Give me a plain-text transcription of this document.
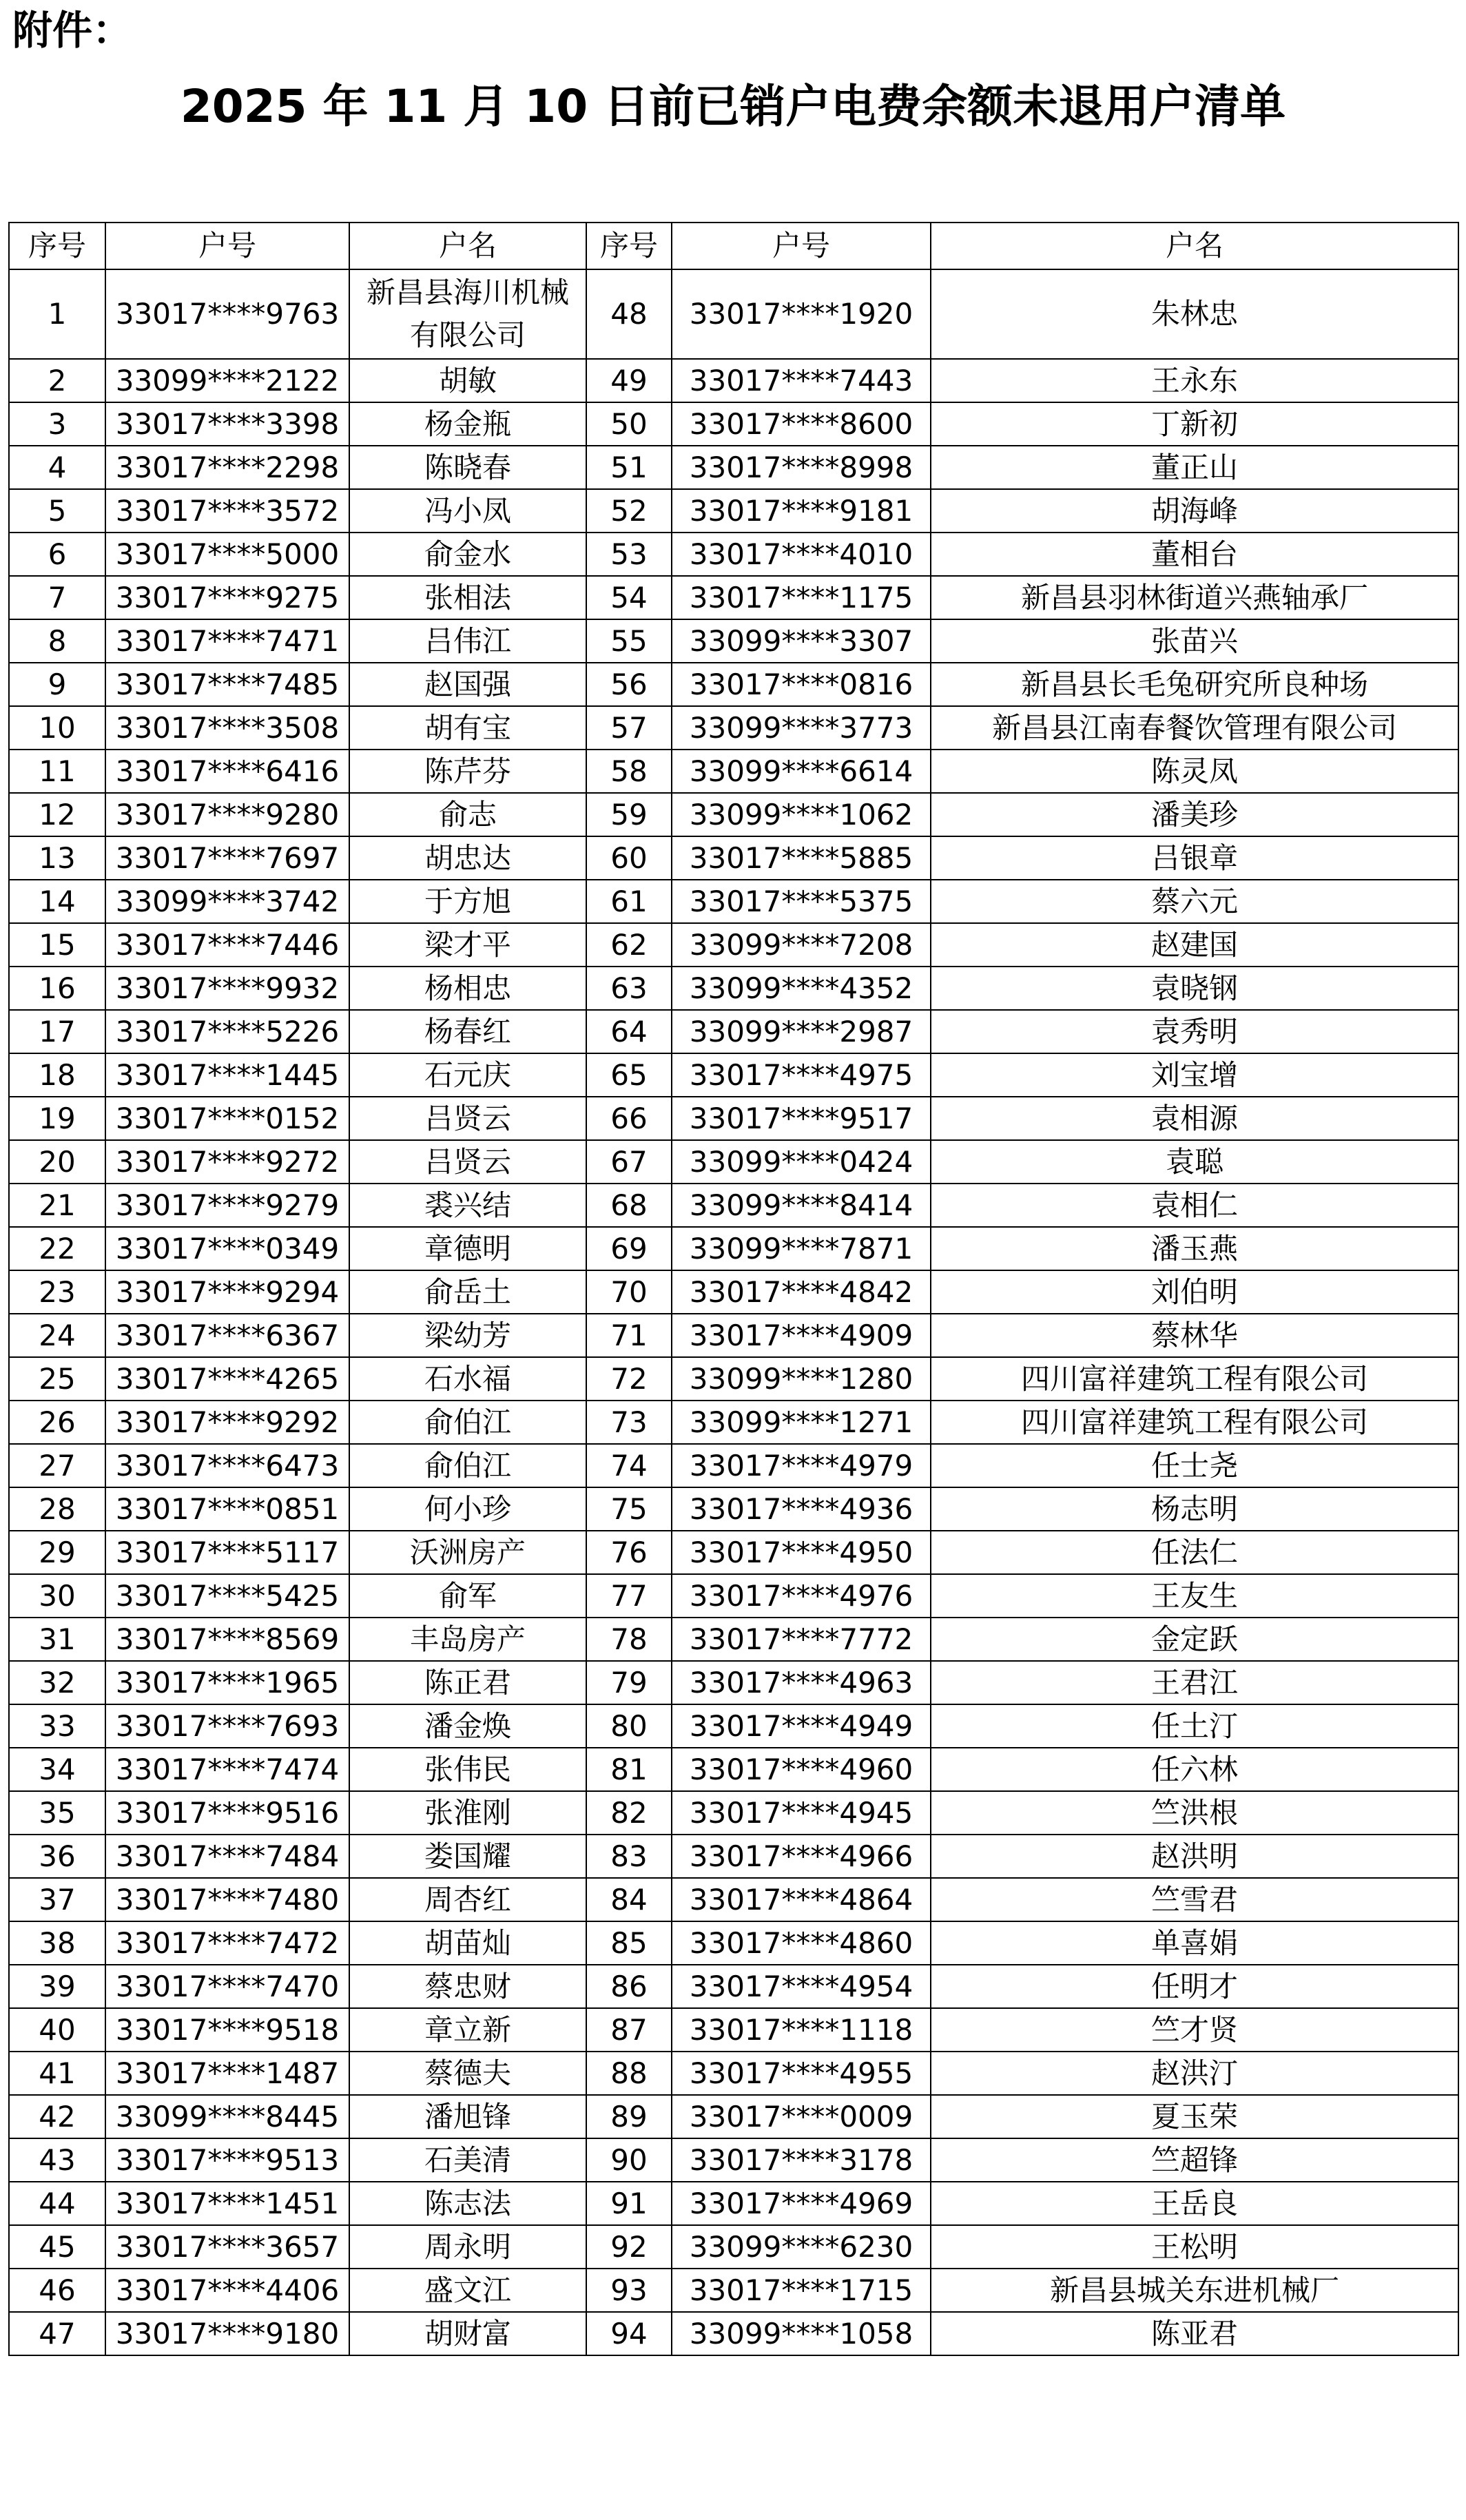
附件：

2025 年 11 月 10 日前已销户电费余额未退用户清单
序号	户号	户名	序号	户号	户名
1	33017****9763	新昌县海川机械有限公司	48	33017****1920	朱林忠
2	33099****2122	胡敏	49	33017****7443	王永东
3	33017****3398	杨金瓶	50	33017****8600	丁新初
4	33017****2298	陈晓春	51	33017****8998	董正山
5	33017****3572	冯小凤	52	33017****9181	胡海峰
6	33017****5000	俞金水	53	33017****4010	董相台
7	33017****9275	张相法	54	33017****1175	新昌县羽林街道兴燕轴承厂
8	33017****7471	吕伟江	55	33099****3307	张苗兴
9	33017****7485	赵国强	56	33017****0816	新昌县长毛兔研究所良种场
10	33017****3508	胡有宝	57	33099****3773	新昌县江南春餐饮管理有限公司
11	33017****6416	陈芹芬	58	33099****6614	陈灵凤
12	33017****9280	俞志	59	33099****1062	潘美珍
13	33017****7697	胡忠达	60	33017****5885	吕银章
14	33099****3742	于方旭	61	33017****5375	蔡六元
15	33017****7446	梁才平	62	33099****7208	赵建国
16	33017****9932	杨相忠	63	33099****4352	袁晓钢
17	33017****5226	杨春红	64	33099****2987	袁秀明
18	33017****1445	石元庆	65	33017****4975	刘宝增
19	33017****0152	吕贤云	66	33017****9517	袁相源
20	33017****9272	吕贤云	67	33099****0424	袁聪
21	33017****9279	裘兴结	68	33099****8414	袁相仁
22	33017****0349	章德明	69	33099****7871	潘玉燕
23	33017****9294	俞岳土	70	33017****4842	刘伯明
24	33017****6367	梁幼芳	71	33017****4909	蔡林华
25	33017****4265	石水福	72	33099****1280	四川富祥建筑工程有限公司
26	33017****9292	俞伯江	73	33099****1271	四川富祥建筑工程有限公司
27	33017****6473	俞伯江	74	33017****4979	任士尧
28	33017****0851	何小珍	75	33017****4936	杨志明
29	33017****5117	沃洲房产	76	33017****4950	任法仁
30	33017****5425	俞军	77	33017****4976	王友生
31	33017****8569	丰岛房产	78	33017****7772	金定跃
32	33017****1965	陈正君	79	33017****4963	王君江
33	33017****7693	潘金焕	80	33017****4949	任土汀
34	33017****7474	张伟民	81	33017****4960	任六林
35	33017****9516	张淮刚	82	33017****4945	竺洪根
36	33017****7484	娄国耀	83	33017****4966	赵洪明
37	33017****7480	周杏红	84	33017****4864	竺雪君
38	33017****7472	胡苗灿	85	33017****4860	单喜娟
39	33017****7470	蔡忠财	86	33017****4954	任明才
40	33017****9518	章立新	87	33017****1118	竺才贤
41	33017****1487	蔡德夫	88	33017****4955	赵洪汀
42	33099****8445	潘旭锋	89	33017****0009	夏玉荣
43	33017****9513	石美清	90	33017****3178	竺超锋
44	33017****1451	陈志法	91	33017****4969	王岳良
45	33017****3657	周永明	92	33099****6230	王松明
46	33017****4406	盛文江	93	33017****1715	新昌县城关东进机械厂
47	33017****9180	胡财富	94	33099****1058	陈亚君
